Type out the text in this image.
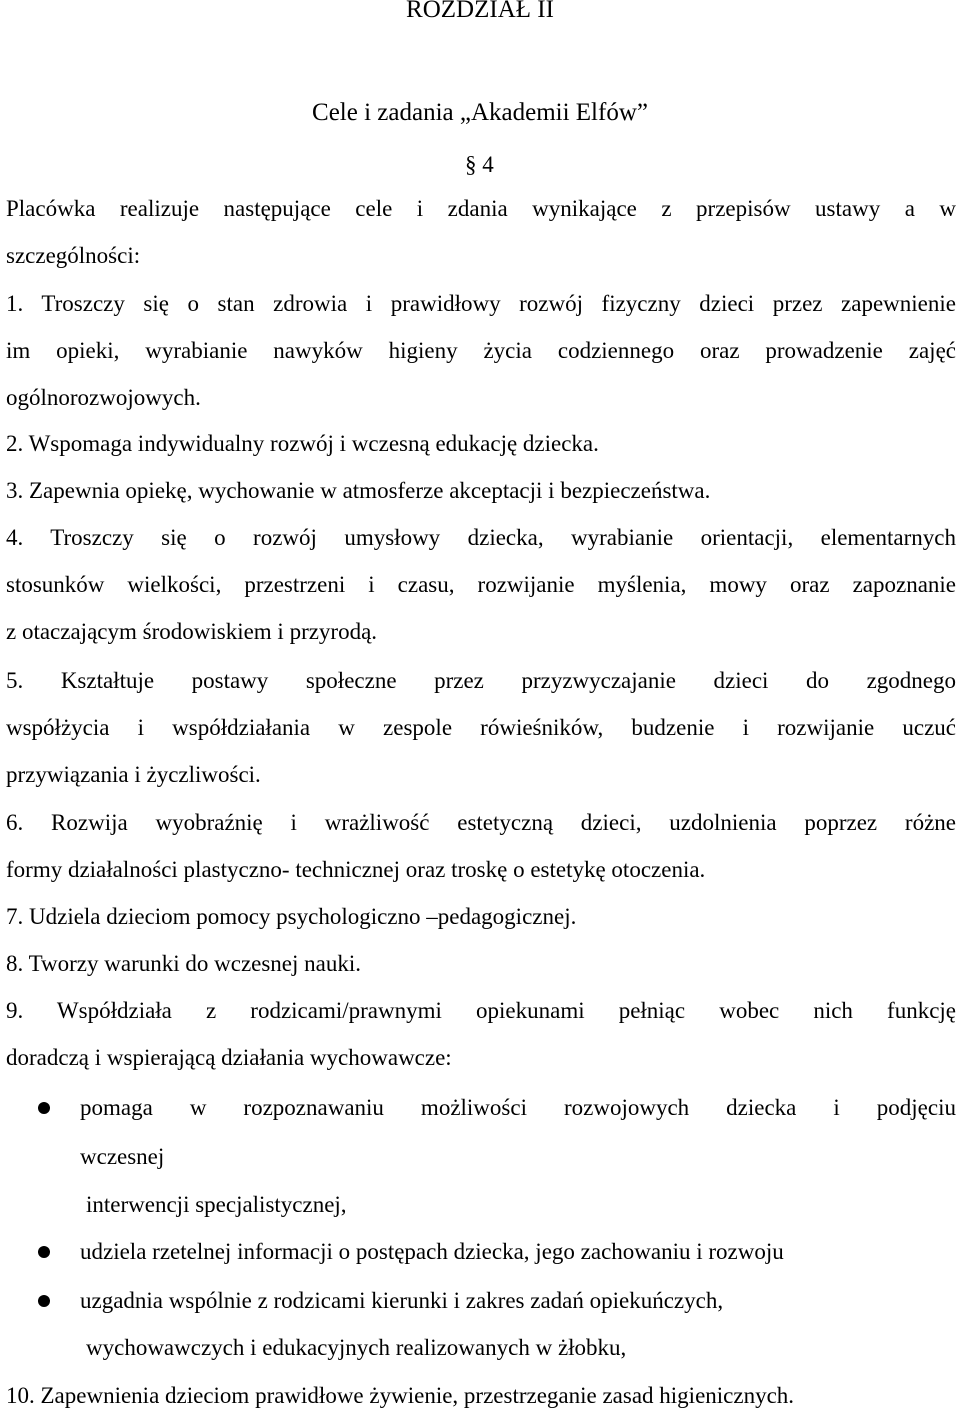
ROZDZIAŁ II
Cele i zadania „Akademii Elfów”
§ 4
Placówka realizuje następujące cele i zdania wynikające z przepisów ustawy a w
szczególności:
1. Troszczy się o stan zdrowia i prawidłowy rozwój fizyczny dzieci przez zapewnienie
im opieki, wyrabianie nawyków higieny życia codziennego oraz prowadzenie zajęć
ogólnorozwojowych.
2. Wspomaga indywidualny rozwój i wczesną edukację dziecka.
3. Zapewnia opiekę, wychowanie w atmosferze akceptacji i bezpieczeństwa.
4. Troszczy się o rozwój umysłowy dziecka, wyrabianie orientacji, elementarnych
stosunków wielkości, przestrzeni i czasu, rozwijanie myślenia, mowy oraz zapoznanie
z otaczającym środowiskiem i przyrodą.
5. Kształtuje postawy społeczne przez przyzwyczajanie dzieci do zgodnego
współżycia i współdziałania w zespole rówieśników, budzenie i rozwijanie uczuć
przywiązania i życzliwości.
6. Rozwija wyobraźnię i wrażliwość estetyczną dzieci, uzdolnienia poprzez różne
formy działalności plastyczno- technicznej oraz troskę o estetykę otoczenia.
7. Udziela dzieciom pomocy psychologiczno –pedagogicznej.
8. Tworzy warunki do wczesnej nauki.
9. Współdziała z rodzicami/prawnymi opiekunami pełniąc wobec nich funkcję
doradczą i wspierającą działania wychowawcze:
pomaga w rozpoznawaniu możliwości rozwojowych dziecka i podjęciu
wczesnej
interwencji specjalistycznej,
udziela rzetelnej informacji o postępach dziecka, jego zachowaniu i rozwoju
uzgadnia wspólnie z rodzicami kierunki i zakres zadań opiekuńczych,
wychowawczych i edukacyjnych realizowanych w żłobku,
10. Zapewnienia dzieciom prawidłowe żywienie, przestrzeganie zasad higienicznych.
